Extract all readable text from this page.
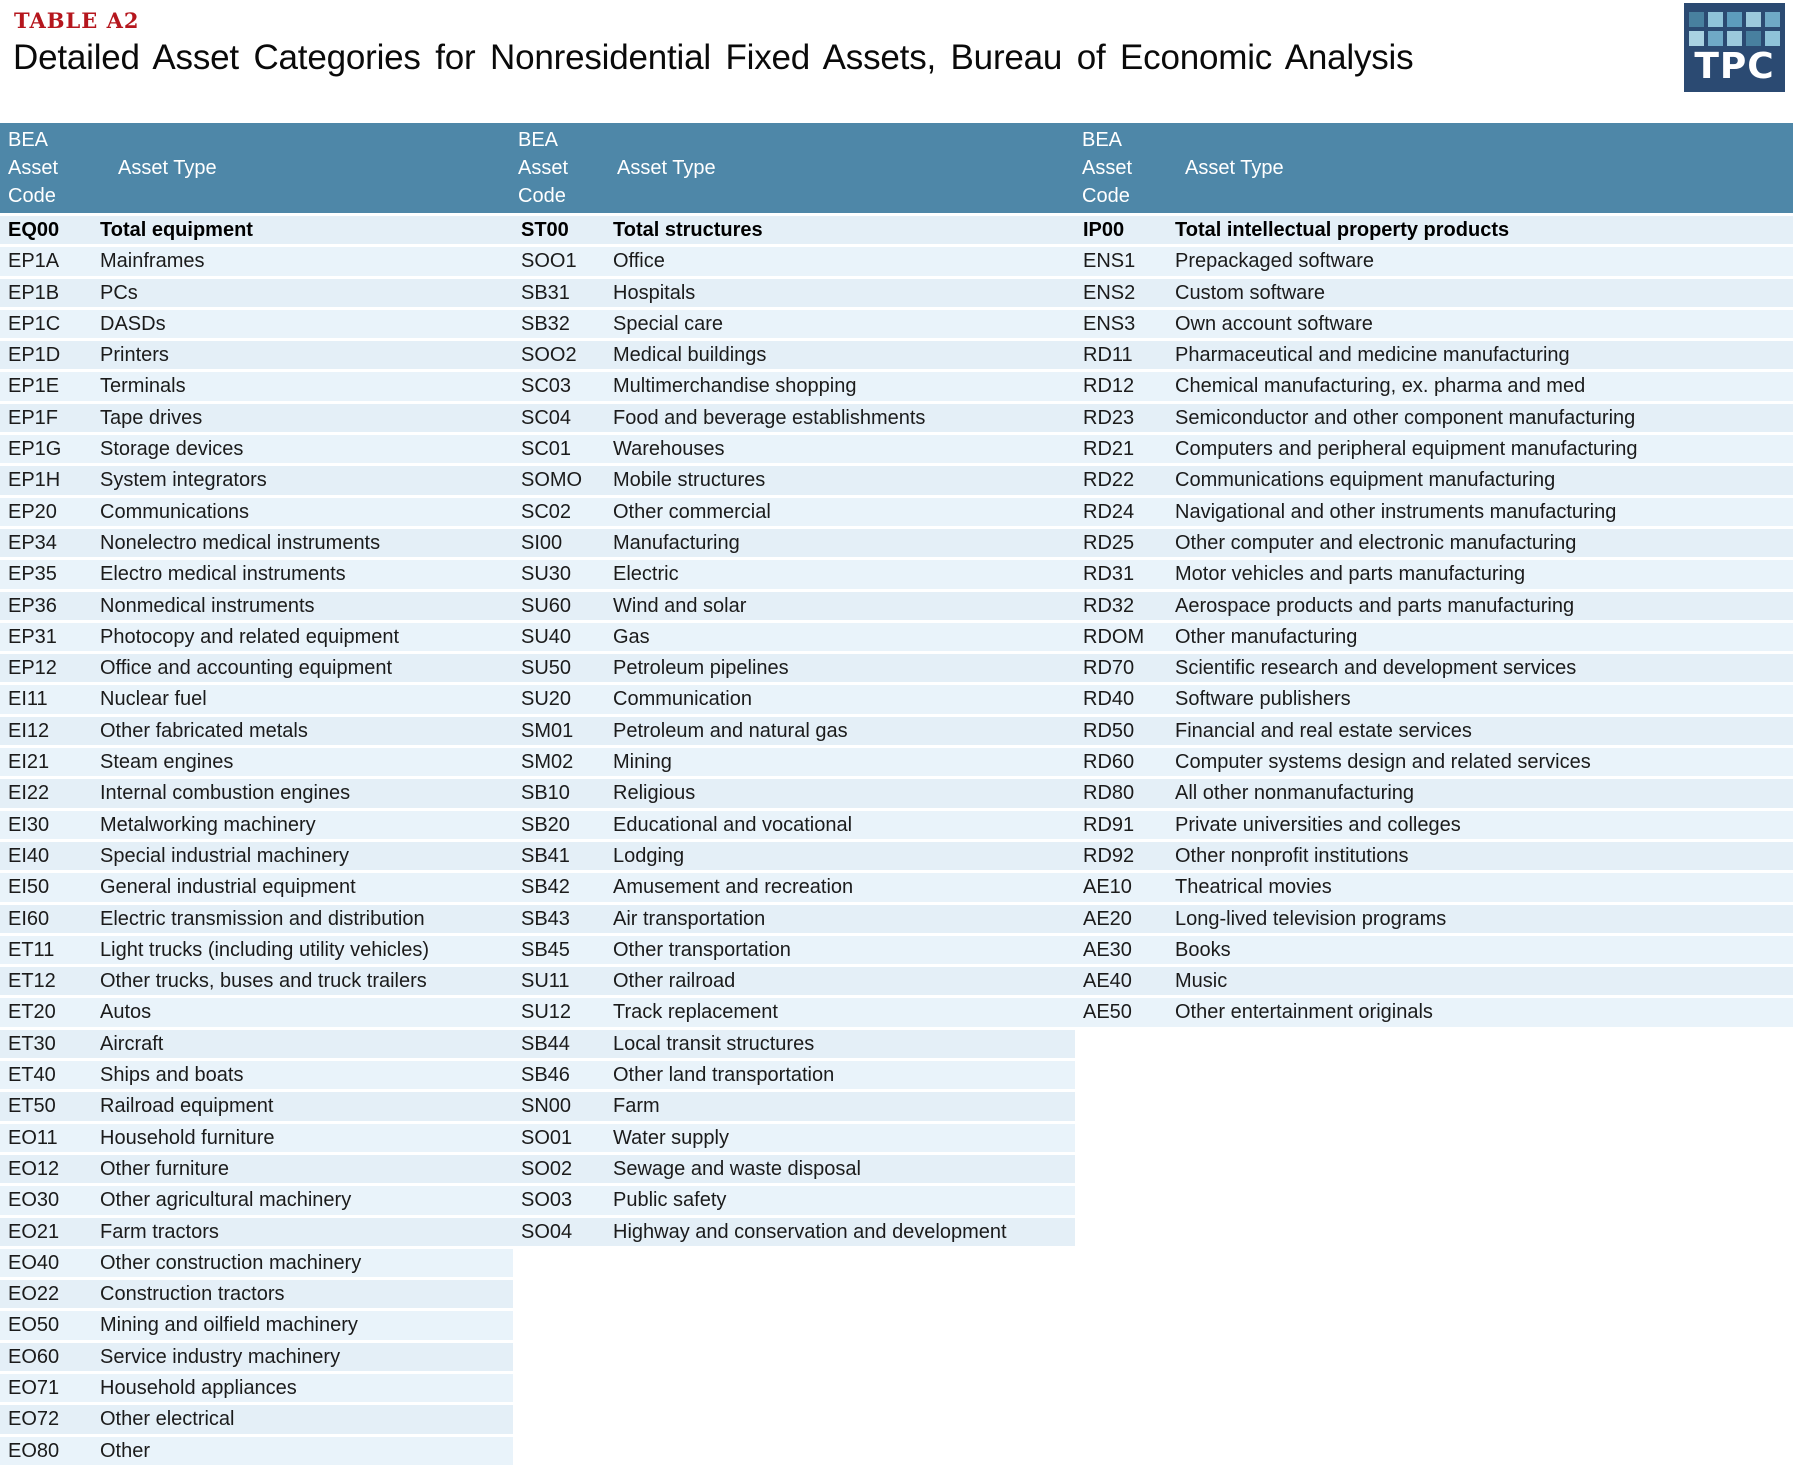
TABLE A2
Detailed Asset Categories for Nonresidential Fixed Assets, Bureau of Economic Analysis	TPC
BEA
Asset
Code
Asset Type
BEA
Asset
Code
Asset Type
BEA
Asset
Code
Asset Type
EQ00	Total equipment
EP1A	Mainframes
EP1B	PCs
EP1C	DASDs
EP1D	Printers
EP1E	Terminals
EP1F	Tape drives
EP1G	Storage devices
EP1H	System integrators
EP20	Communications
EP34	Nonelectro medical instruments
EP35	Electro medical instruments
EP36	Nonmedical instruments
EP31	Photocopy and related equipment
EP12	Office and accounting equipment
EI11	Nuclear fuel
EI12	Other fabricated metals
EI21	Steam engines
EI22	Internal combustion engines
EI30	Metalworking machinery
EI40	Special industrial machinery
EI50	General industrial equipment
EI60	Electric transmission and distribution
ET11	Light trucks (including utility vehicles)
ET12	Other trucks, buses and truck trailers
ET20	Autos
ET30	Aircraft
ET40	Ships and boats
ET50	Railroad equipment
EO11	Household furniture
EO12	Other furniture
EO30	Other agricultural machinery
EO21	Farm tractors
EO40	Other construction machinery
EO22	Construction tractors
EO50	Mining and oilfield machinery
EO60	Service industry machinery
EO71	Household appliances
EO72	Other electrical
EO80	Other
ST00	Total structures
SOO1	Office
SB31	Hospitals
SB32	Special care
SOO2	Medical buildings
SC03	Multimerchandise shopping
SC04	Food and beverage establishments
SC01	Warehouses
SOMO	Mobile structures
SC02	Other commercial
SI00	Manufacturing
SU30	Electric
SU60	Wind and solar
SU40	Gas
SU50	Petroleum pipelines
SU20	Communication
SM01	Petroleum and natural gas
SM02	Mining
SB10	Religious
SB20	Educational and vocational
SB41	Lodging
SB42	Amusement and recreation
SB43	Air transportation
SB45	Other transportation
SU11	Other railroad
SU12	Track replacement
SB44	Local transit structures
SB46	Other land transportation
SN00	Farm
SO01	Water supply
SO02	Sewage and waste disposal
SO03	Public safety
SO04	Highway and conservation and development
IP00	Total intellectual property products
ENS1	Prepackaged software
ENS2	Custom software
ENS3	Own account software
RD11	Pharmaceutical and medicine manufacturing
RD12	Chemical manufacturing, ex. pharma and med
RD23	Semiconductor and other component manufacturing
RD21	Computers and peripheral equipment manufacturing
RD22	Communications equipment manufacturing
RD24	Navigational and other instruments manufacturing
RD25	Other computer and electronic manufacturing
RD31	Motor vehicles and parts manufacturing
RD32	Aerospace products and parts manufacturing
RDOM	Other manufacturing
RD70	Scientific research and development services
RD40	Software publishers
RD50	Financial and real estate services
RD60	Computer systems design and related services
RD80	All other nonmanufacturing
RD91	Private universities and colleges
RD92	Other nonprofit institutions
AE10	Theatrical movies
AE20	Long-lived television programs
AE30	Books
AE40	Music
AE50	Other entertainment originals
